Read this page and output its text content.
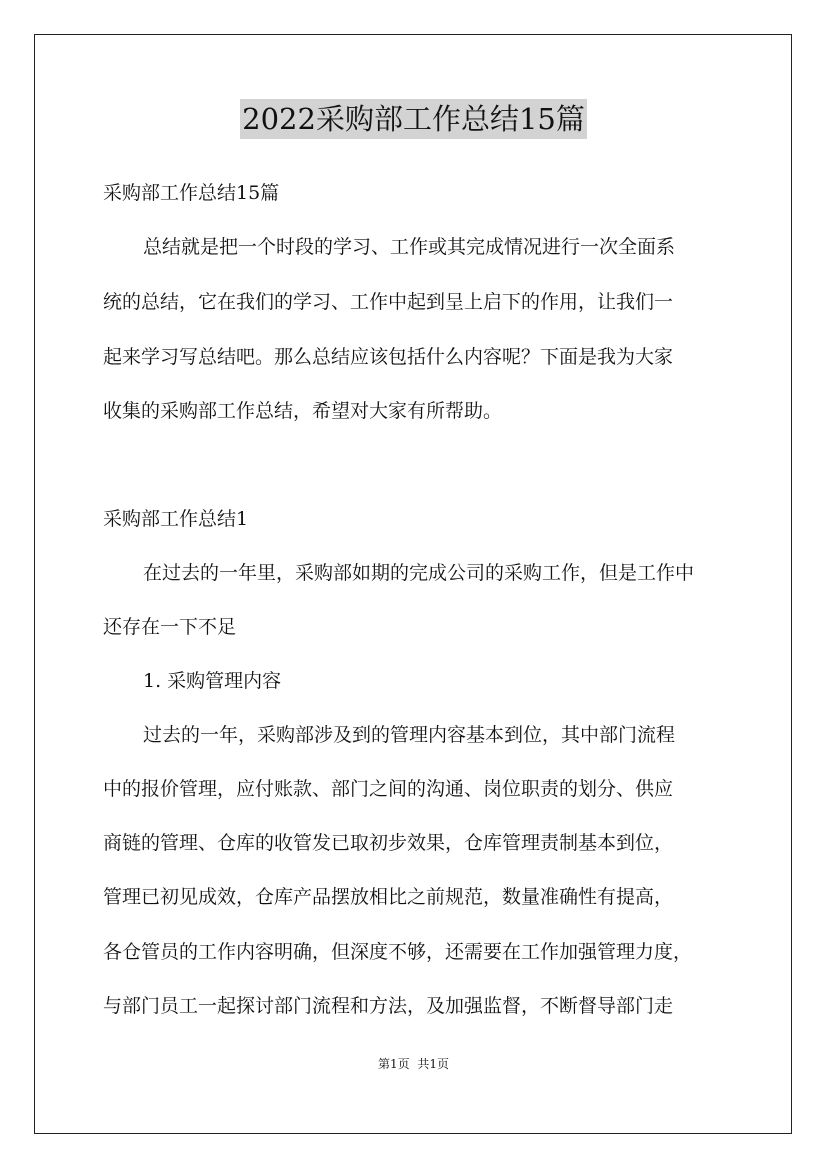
2022采购部工作总结15篇
采购部工作总结15篇
总结就是把一个时段的学习、工作或其完成情况进行一次全面系
统的总结，它在我们的学习、工作中起到呈上启下的作用，让我们一
起来学习写总结吧。那么总结应该包括什么内容呢？下面是我为大家
收集的采购部工作总结，希望对大家有所帮助。
采购部工作总结1
在过去的一年里，采购部如期的完成公司的采购工作，但是工作中
还存在一下不足
1. 采购管理内容
过去的一年，采购部涉及到的管理内容基本到位，其中部门流程
中的报价管理，应付账款、部门之间的沟通、岗位职责的划分、供应
商链的管理、仓库的收管发已取初步效果，仓库管理责制基本到位，
管理已初见成效，仓库产品摆放相比之前规范，数量准确性有提高，
各仓管员的工作内容明确，但深度不够，还需要在工作加强管理力度，
与部门员工一起探讨部门流程和方法，及加强监督，不断督导部门走
第1页 共1页
